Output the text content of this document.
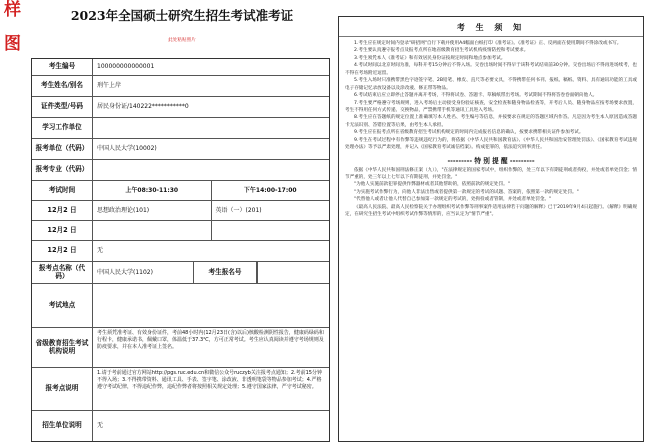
样
图
2023年全国硕士研究生招生考试准考证
此处粘贴照片
考生编号	100000000000001
考生姓名/别名	刑午上岸
证件类型/号码	居民身份证/140222***********0
学习工作单位
报考单位（代码）	中国人民大学(10002)
报考专业（代码）
考试时间	上午08:30-11:30	下午14:00-17:00
12月2 日	思想政治理论(101)	英语（一）(201)
12月2 日
12月2 日	无
报考点名称（代码）	中国人民大学(1102)	考生报名号
考试地点
省级教育招生考试机构说明
考生须凭准考证、有效身份证件，考前48小时内(12月23日(含)以后)核酸检测阴性报告，健康码绿码和行程卡，健康承诺书，佩戴口罩，体温低于37.3℃，方可正常考试。考生应认真阅读并遵守考场规则及防疫要求，并在本人准考证上签名。
报考点说明
1.请于考前通过官方网站http://pgs.ruc.edu.cn和微信公众号ruczyb关注报考点通知；2.考前15分钟不得入场；3.不得携带资料、通讯工具、手表、签字笔、涂改液、非透明笔袋等物品参加考试；4.严格遵守考试纪律，不得违纪作弊，违纪作弊者将按照相关规定处理；5.遵守国家法律，严守考试秘密。
招生单位说明	无
考 生 须 知

1.考生应在规定时间内登录"研招网"自行下载并使用A4幅面白纸打印《准考证》。《准考证》正、反两面在使用期间不得涂改或书写。

2.考生要认真遵守报考点及报考点所在地省级教育招生考试机构疫情防控和考试要求。

3.考生须凭本人《准考证》和有效居民身份证按规定时间和地点参加考试。

4.考试时间以北京时间为准，每科开考15分钟后不得入场。交卷出场时间不得早于该科考试结束前30分钟。交卷出场后不得再进场续考，也不得在考场附近逗留。

5.考生入场时只准携带黑色字迹签字笔、2B铅笔、橡皮、直尺等必要文具，不得携带任何书刊、报纸、稿纸、资料、具有通讯功能的工具或电子存储记忆录放设备以及涂改液、修正带等物品。

6.考试结束后应立即停止答题并离开考场，不得将试卷、答题卡、草稿纸带出考场。考试期间不得将答卷卷面朝向他人。

7.考生要严格遵守考场规则，进入考场后主动接受身份验证核查，安全检查和随身物品检查等，开考后人员、随身物品应按考场要求放置，考生不得用任何方式传递、交换物品，严禁携带手机等通讯工具进入考场。

8.考生应在答题纸的规定位置上准确填写本人姓名、考生编号等信息，并按要求在规定的答题区域内作答。凡是因为考生本人原因造成答题卡无法识别、答错位置等后果，由考生本人承担。

9.考生应在报考点所在省级教育招生考试机构规定的时间内完成报名信息的确认，按要求携带相关证件参加考试。

9.考生在考试过程中有作弊等违规违纪行为的，将依据《中华人民共和国教育法》、《中华人民共和国治安管理处罚法》、《国家教育考试违规处理办法》等予以严肃处理，并记入《国家教育考试诚信档案》。构成犯罪的，依法追究刑事责任。

--------- 特 别 提 醒 ---------

依据《中华人民共和国刑法修正案（九）》，"在法律规定的国家考试中，组织作弊的，处三年以下有期徒刑或者拘役，并处或者单处罚金；情节严重的，处三年以上七年以下有期徒刑，并处罚金。"

"为他人实施前款犯罪提供作弊器材或者其他帮助的，依照前款的规定处罚。"

"为实施考试作弊行为，向他人非法出售或者提供第一款规定的考试的试题、答案的，依照第一款的规定处罚。"

"代替他人或者让他人代替自己参加第一款规定的考试的，处拘役或者管制，并处或者单处罚金。"

《最高人民法院、最高人民检察院关于办理组织考试作弊等刑事案件适用法律若干问题的解释》已于2019年9月4日起施行。《解释》明确规定，在研究生招生考试中组织考试作弊等情形的，应当认定为"情节严重"。
